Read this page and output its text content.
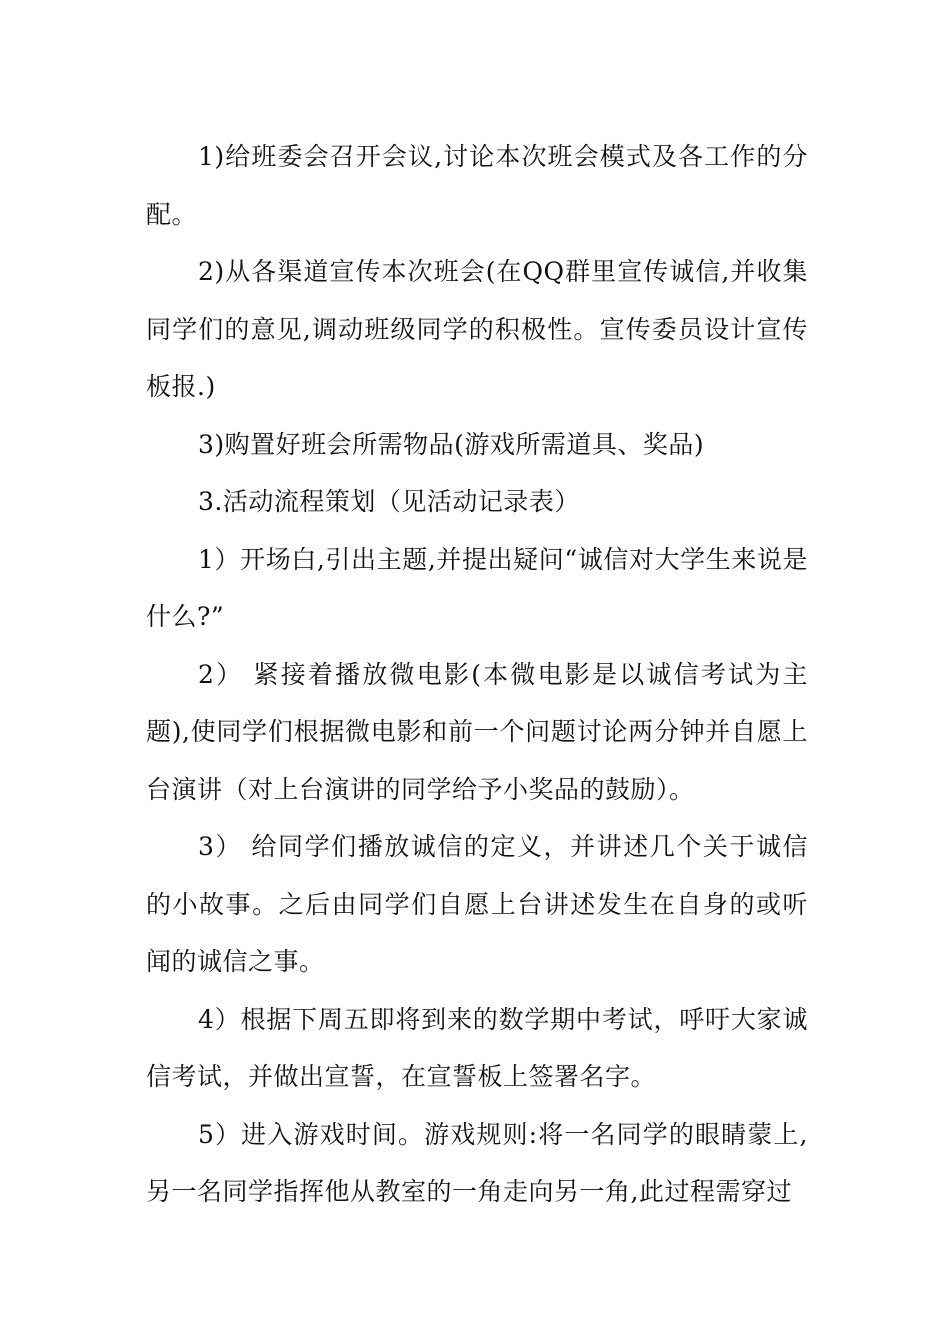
1)给班委会召开会议,讨论本次班会模式及各工作的分配。

2)从各渠道宣传本次班会(在QQ群里宣传诚信,并收集同学们的意见,调动班级同学的积极性。宣传委员设计宣传板报.)

3)购置好班会所需物品(游戏所需道具、奖品)

3.活动流程策划（见活动记录表）

1）开场白,引出主题,并提出疑问“诚信对大学生来说是什么?”

2） 紧接着播放微电影(本微电影是以诚信考试为主题),使同学们根据微电影和前一个问题讨论两分钟并自愿上台演讲（对上台演讲的同学给予小奖品的鼓励）。

3） 给同学们播放诚信的定义，并讲述几个关于诚信的小故事。之后由同学们自愿上台讲述发生在自身的或听闻的诚信之事。

4）根据下周五即将到来的数学期中考试，呼吁大家诚信考试，并做出宣誓，在宣誓板上签署名字。

5）进入游戏时间。游戏规则:将一名同学的眼睛蒙上,另一名同学指挥他从教室的一角走向另一角,此过程需穿过
